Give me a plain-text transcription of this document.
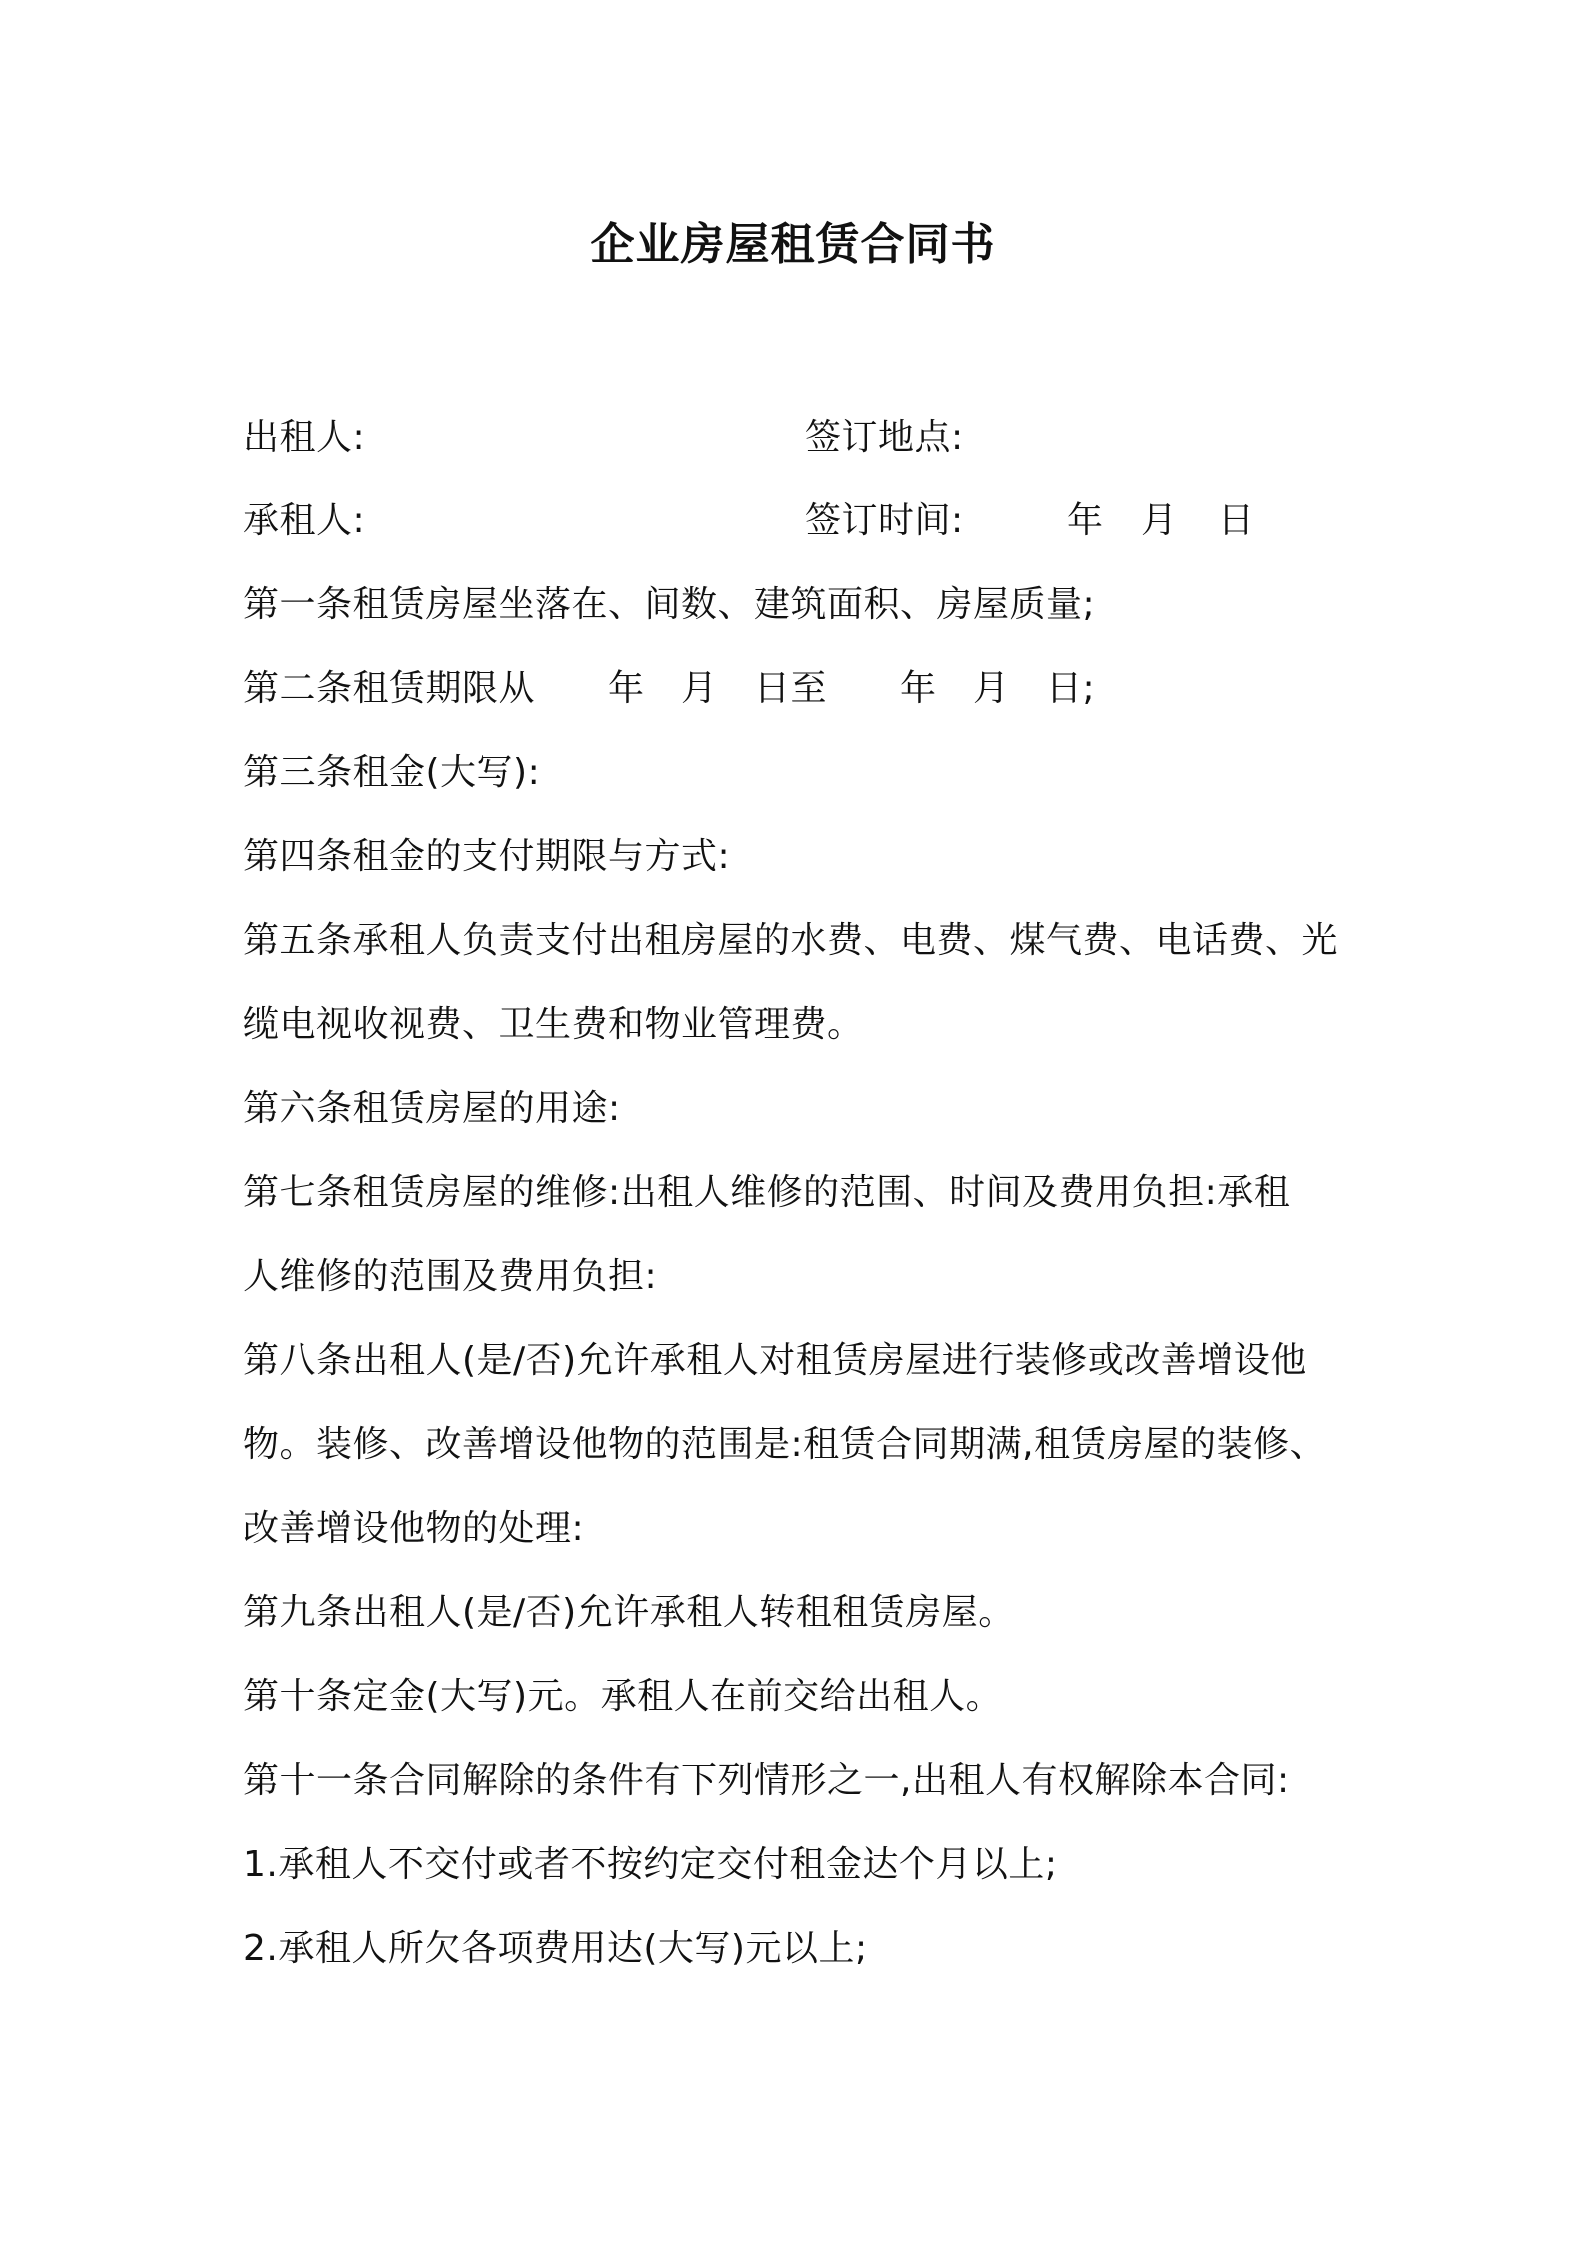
企业房屋租赁合同书
出租人:	签订地点:
承租人:	签订时间:	年 月 日
第一条租赁房屋坐落在、间数、建筑面积、房屋质量;
第二条租赁期限从　　年　月　日至　　年　月　日;
第三条租金(大写):
第四条租金的支付期限与方式:
第五条承租人负责支付出租房屋的水费、电费、煤气费、电话费、光
缆电视收视费、卫生费和物业管理费。
第六条租赁房屋的用途:
第七条租赁房屋的维修:出租人维修的范围、时间及费用负担:承租
人维修的范围及费用负担:
第八条出租人(是/否)允许承租人对租赁房屋进行装修或改善增设他
物。装修、改善增设他物的范围是:租赁合同期满,租赁房屋的装修、
改善增设他物的处理:
第九条出租人(是/否)允许承租人转租租赁房屋。
第十条定金(大写)元。承租人在前交给出租人。
第十一条合同解除的条件有下列情形之一,出租人有权解除本合同:
1.承租人不交付或者不按约定交付租金达个月以上;
2.承租人所欠各项费用达(大写)元以上;
